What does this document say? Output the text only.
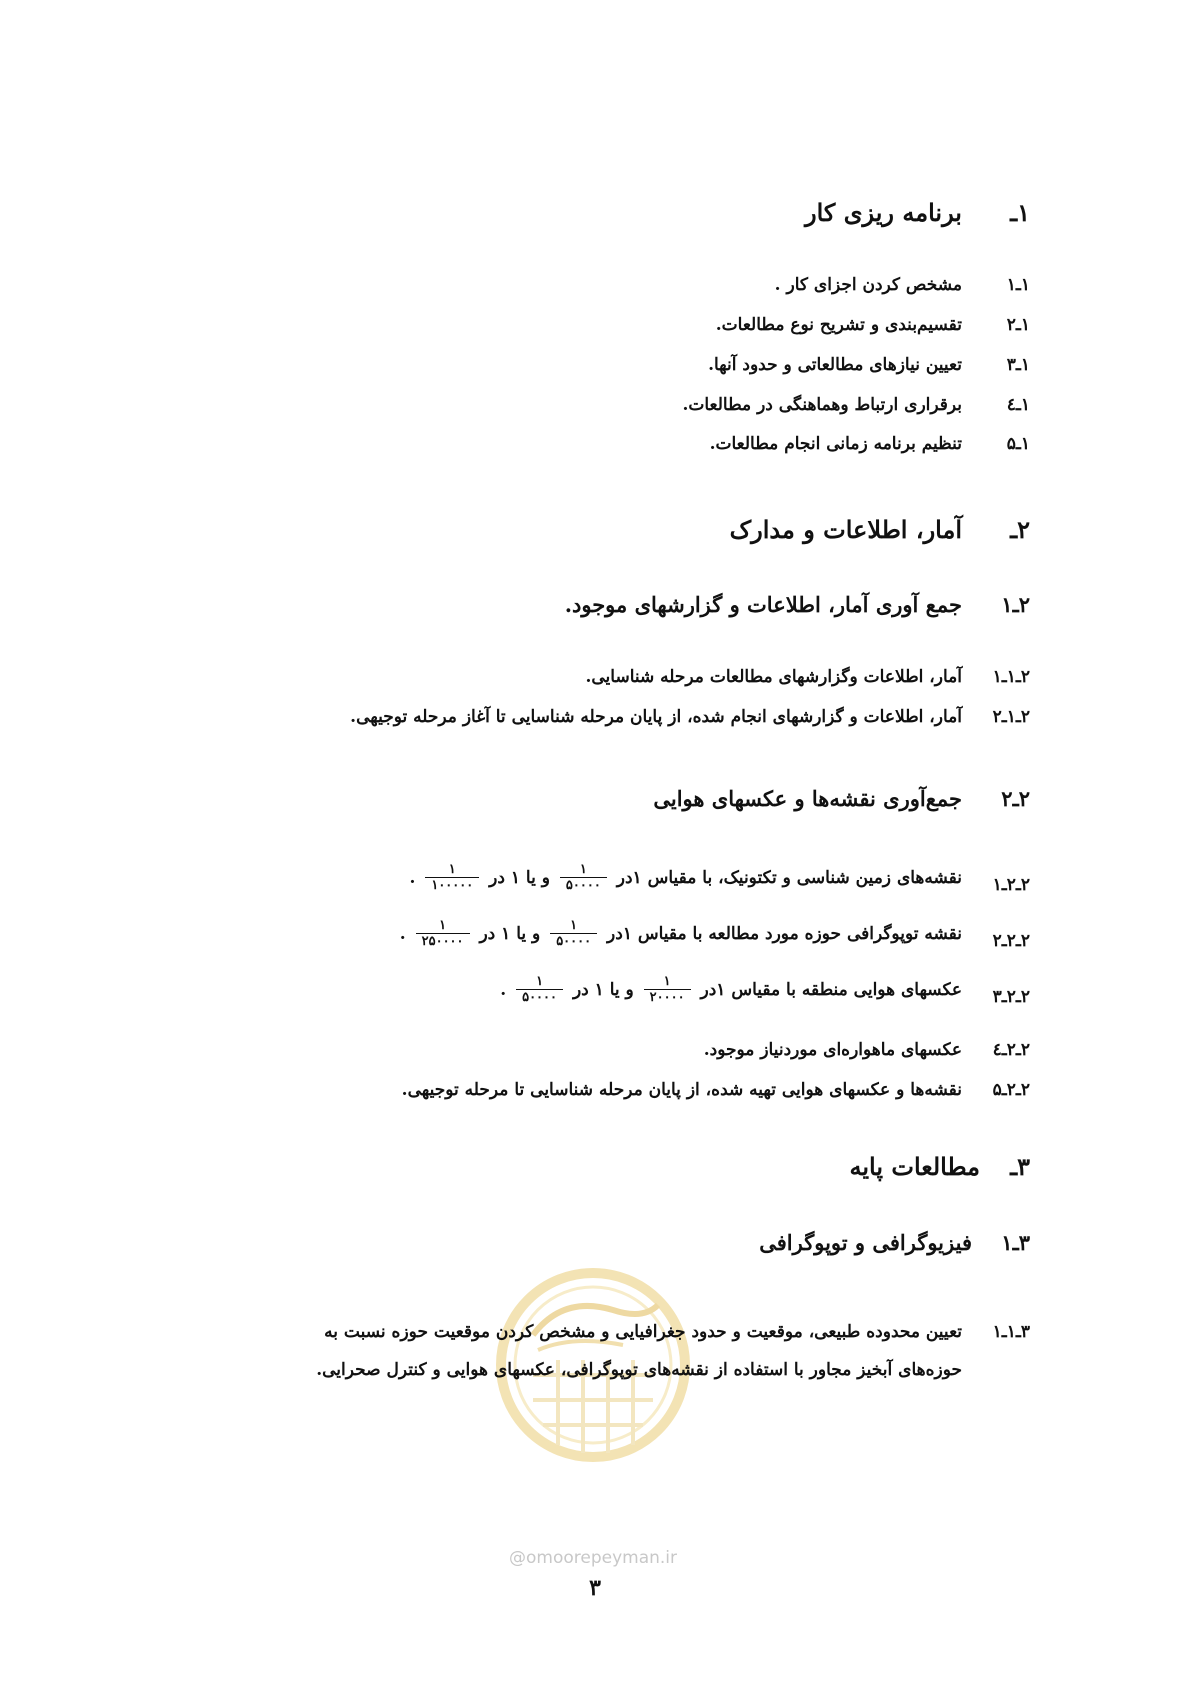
۱ـ
برنامه ریزی کار
۱ـ۱
مشخص کردن اجزای کار .
۱ـ۲
تقسیم‌بندی و تشریح نوع مطالعات.
۱ـ۳
تعیین نیازهای مطالعاتی و حدود آنها.
۱ـ٤
برقراری ارتباط وهماهنگی در مطالعات.
۱ـ۵
تنظیم برنامه زمانی انجام مطالعات.
۲ـ
آمار، اطلاعات و مدارک
۲ـ۱
جمع آوری آمار، اطلاعات و گزارشهای موجود.
۲ـ۱ـ۱
آمار، اطلاعات وگزارشهای مطالعات مرحله شناسایی.
۲ـ۱ـ۲
آمار، اطلاعات و گزارشهای انجام شده، از پایان مرحله شناسایی تا آغاز مرحله توجیهی.
۲ـ۲
جمع‌آوری نقشه‌ها و عکسهای هوایی
۲ـ۲ـ۱
نقشه‌های زمین شناسی و تکتونیک، با مقیاس ۱در
$\frac{۱}{۵۰۰۰۰}$
و یا ۱ در
$\frac{۱}{۱۰۰۰۰۰}$
.
۲ـ۲ـ۲
نقشه توپوگرافی حوزه مورد مطالعه با مقیاس ۱در
$\frac{۱}{۵۰۰۰۰}$
و یا ۱ در
$\frac{۱}{۲۵۰۰۰۰}$
.
۲ـ۲ـ۳
عکسهای هوایی منطقه با مقیاس ۱در
$\frac{۱}{۲۰۰۰۰}$
و یا ۱ در
$\frac{۱}{۵۰۰۰۰}$
.
۲ـ۲ـ٤
عکسهای ماهواره‌ای موردنیاز موجود.
۲ـ۲ـ۵
نقشه‌ها و عکسهای هوایی تهیه شده، از پایان مرحله شناسایی تا مرحله توجیهی.
۳ـ
مطالعات پایه
۳ـ۱
فیزیوگرافی و توپوگرافی
۳ـ۱ـ۱
تعیین محدوده طبیعی، موقعیت و حدود جغرافیایی و مشخص کردن موقعیت حوزه نسبت به
حوزه‌های آبخیز مجاور با استفاده از نقشه‌های توپوگرافی، عکسهای هوایی و کنترل صحرایی.
@omoorepeyman.ir
۳
